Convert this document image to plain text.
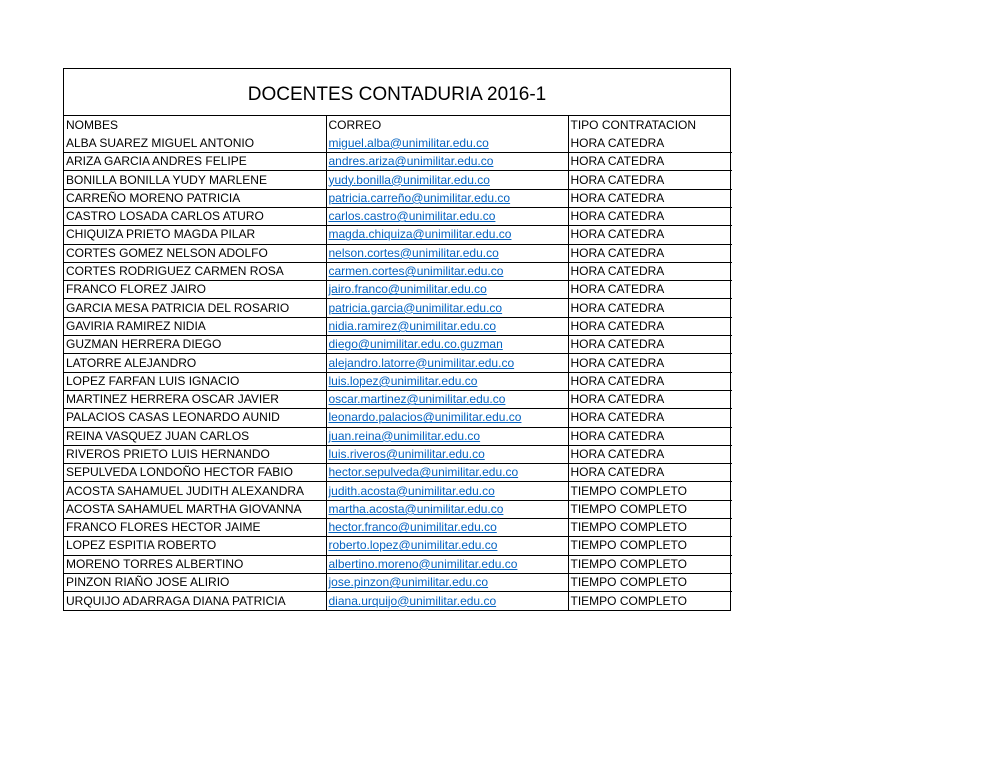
DOCENTES CONTADURIA 2016-1
NOMBES	CORREO	TIPO CONTRATACION
ALBA SUAREZ MIGUEL ANTONIO	miguel.alba@unimilitar.edu.co	HORA CATEDRA
ARIZA GARCIA ANDRES FELIPE	andres.ariza@unimilitar.edu.co	HORA CATEDRA
BONILLA BONILLA YUDY MARLENE	yudy.bonilla@unimilitar.edu.co	HORA CATEDRA
CARREÑO MORENO PATRICIA	patricia.carreño@unimilitar.edu.co	HORA CATEDRA
CASTRO LOSADA CARLOS ATURO	carlos.castro@unimilitar.edu.co	HORA CATEDRA
CHIQUIZA PRIETO MAGDA PILAR	magda.chiquiza@unimilitar.edu.co	HORA CATEDRA
CORTES GOMEZ NELSON ADOLFO	nelson.cortes@unimilitar.edu.co	HORA CATEDRA
CORTES RODRIGUEZ CARMEN ROSA	carmen.cortes@unimilitar.edu.co	HORA CATEDRA
FRANCO FLOREZ JAIRO	jairo.franco@unimilitar.edu.co	HORA CATEDRA
GARCIA MESA PATRICIA DEL ROSARIO	patricia.garcia@unimilitar.edu.co	HORA CATEDRA
GAVIRIA RAMIREZ NIDIA	nidia.ramirez@unimilitar.edu.co	HORA CATEDRA
GUZMAN HERRERA DIEGO	diego@unimilitar.edu.co.guzman	HORA CATEDRA
LATORRE ALEJANDRO	alejandro.latorre@unimilitar.edu.co	HORA CATEDRA
LOPEZ FARFAN LUIS IGNACIO	luis.lopez@unimilitar.edu.co	HORA CATEDRA
MARTINEZ HERRERA OSCAR JAVIER	oscar.martinez@unimilitar.edu.co	HORA CATEDRA
PALACIOS CASAS LEONARDO AUNID	leonardo.palacios@unimilitar.edu.co	HORA CATEDRA
REINA VASQUEZ JUAN CARLOS	juan.reina@unimilitar.edu.co	HORA CATEDRA
RIVEROS PRIETO LUIS HERNANDO	luis.riveros@unimilitar.edu.co	HORA CATEDRA
SEPULVEDA LONDOÑO HECTOR FABIO	hector.sepulveda@unimilitar.edu.co	HORA CATEDRA
ACOSTA SAHAMUEL JUDITH ALEXANDRA	judith.acosta@unimilitar.edu.co	TIEMPO COMPLETO
ACOSTA SAHAMUEL MARTHA GIOVANNA	martha.acosta@unimilitar.edu.co	TIEMPO COMPLETO
FRANCO FLORES HECTOR JAIME	hector.franco@unimilitar.edu.co	TIEMPO COMPLETO
LOPEZ ESPITIA ROBERTO	roberto.lopez@unimilitar.edu.co	TIEMPO COMPLETO
MORENO TORRES ALBERTINO	albertino.moreno@unimilitar.edu.co	TIEMPO COMPLETO
PINZON RIAÑO JOSE ALIRIO	jose.pinzon@unimilitar.edu.co	TIEMPO COMPLETO
URQUIJO ADARRAGA DIANA PATRICIA	diana.urquijo@unimilitar.edu.co	TIEMPO COMPLETO
